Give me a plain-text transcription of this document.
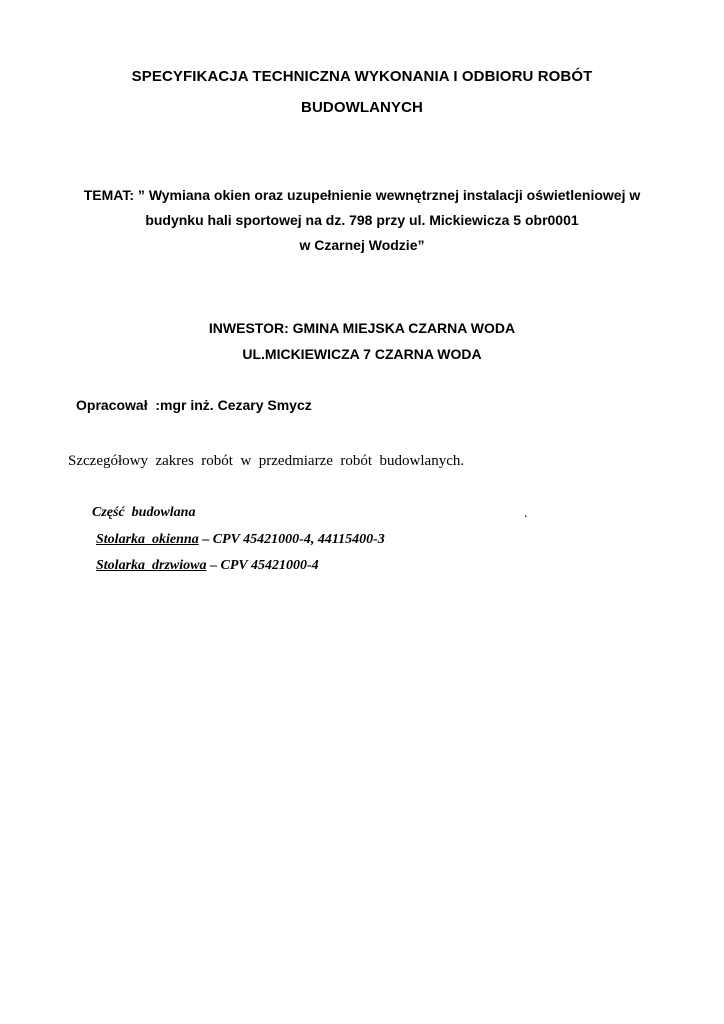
SPECYFIKACJA TECHNICZNA WYKONANIA I ODBIORU ROBÓT
BUDOWLANYCH
TEMAT: ” Wymiana okien oraz uzupełnienie wewnętrznej instalacji oświetleniowej w
budynku hali sportowej na dz. 798 przy ul. Mickiewicza 5 obr0001
w Czarnej Wodzie”
INWESTOR: GMINA MIEJSKA CZARNA WODA
UL.MICKIEWICZA 7 CZARNA WODA
Opracował  :mgr inż. Cezary Smycz
Szczegółowy  zakres  robót  w  przedmiarze  robót  budowlanych.
Część  budowlana	.
Stolarka  okienna – CPV 45421000-4, 44115400-3
Stolarka  drzwiowa – CPV 45421000-4
